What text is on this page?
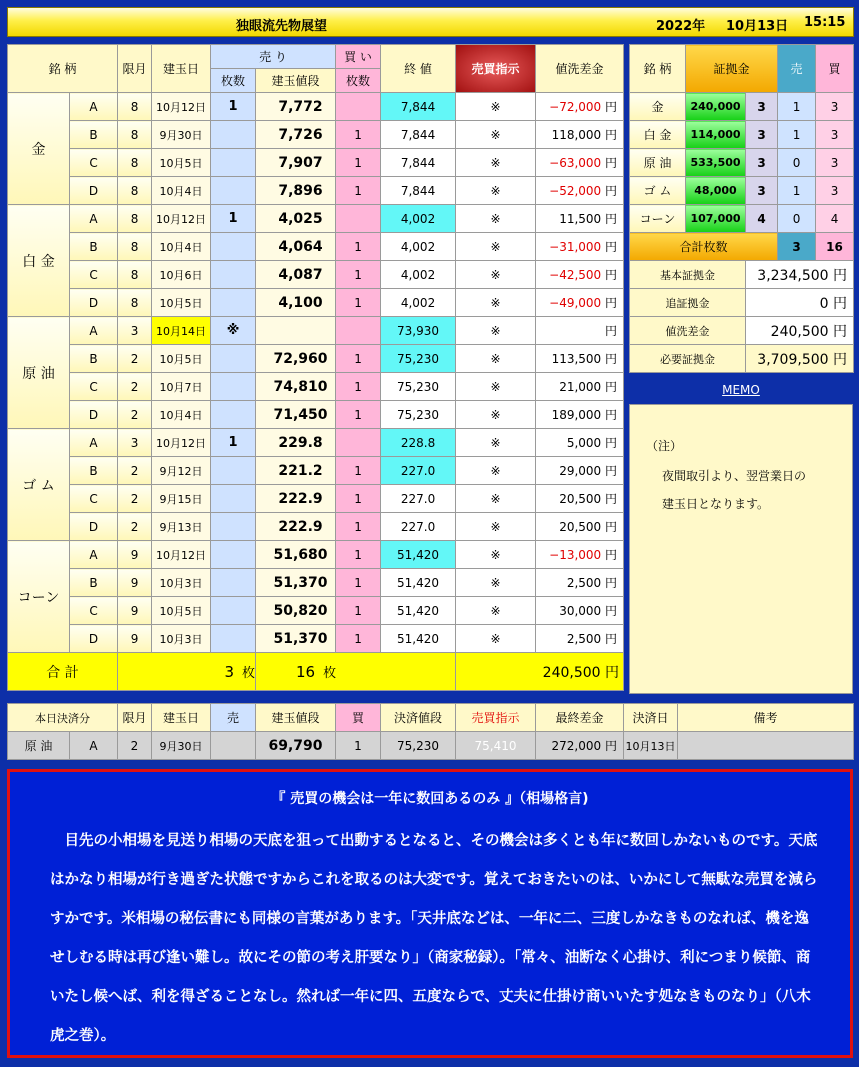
独眼流先物展望	2022年 10月13日 15:15
銘 柄		限月	建玉日	売 り		買 い	終 値	売買指示	値洗差金
				枚数	建玉値段	枚数			
金	A	8	10月12日	1	7,772		7,844	※	−72,000 円
	B	8	9月30日		7,726	1	7,844	※	118,000 円
	C	8	10月5日		7,907	1	7,844	※	−63,000 円
	D	8	10月4日		7,896	1	7,844	※	−52,000 円
白 金	A	8	10月12日	1	4,025		4,002	※	11,500 円
	B	8	10月4日		4,064	1	4,002	※	−31,000 円
	C	8	10月6日		4,087	1	4,002	※	−42,500 円
	D	8	10月5日		4,100	1	4,002	※	−49,000 円
原 油	A	3	10月14日	※			73,930	※	円
	B	2	10月5日		72,960	1	75,230	※	113,500 円
	C	2	10月7日		74,810	1	75,230	※	21,000 円
	D	2	10月4日		71,450	1	75,230	※	189,000 円
ゴ ム	A	3	10月12日	1	229.8		228.8	※	5,000 円
	B	2	9月12日		221.2	1	227.0	※	29,000 円
	C	2	9月15日		222.9	1	227.0	※	20,500 円
	D	2	9月13日		222.9	1	227.0	※	20,500 円
コーン	A	9	10月12日		51,680	1	51,420	※	−13,000 円
	B	9	10月3日		51,370	1	51,420	※	2,500 円
	C	9	10月5日		50,820	1	51,420	※	30,000 円
	D	9	10月3日		51,370	1	51,420	※	2,500 円
合 計		3 枚			16 枚			240,500 円	
銘 柄	証拠金		売	買
金	240,000	3	1	3
白 金	114,000	3	1	3
原 油	533,500	3	0	3
ゴ ム	48,000	3	1	3
コーン	107,000	4	0	4
合計枚数			3	16
基本証拠金		3,234,500 円		
追証拠金		0 円		
値洗差金		240,500 円		
必要証拠金		3,709,500 円		
MEMO
（注）
夜間取引より、翌営業日の
建玉日となります。
本日決済分		限月	建玉日	売	建玉値段	買	決済値段	売買指示	最終差金	決済日	備考
原 油	A	2	9月30日		69,790	1	75,230	75,410	272,000 円	10月13日	
『 売買の機会は一年に数回あるのみ 』（相場格言)
　目先の小相場を見送り相場の天底を狙って出動するとなると、その機会は多くとも年に数回しかないものです。天底はかなり相場が行き過ぎた状態ですからこれを取るのは大変です。覚えておきたいのは、いかにして無駄な売買を減らすかです。米相場の秘伝書にも同様の言葉があります。「天井底などは、一年に二、三度しかなきものなれば、機を逸せしむる時は再び逢い難し。故にその節の考え肝要なり」（商家秘録）。「常々、油断なく心掛け、利につまり候節、商いたし候へば、利を得ざることなし。然れば一年に四、五度ならで、丈夫に仕掛け商いいたす処なきものなり」（八木虎之巻）。
